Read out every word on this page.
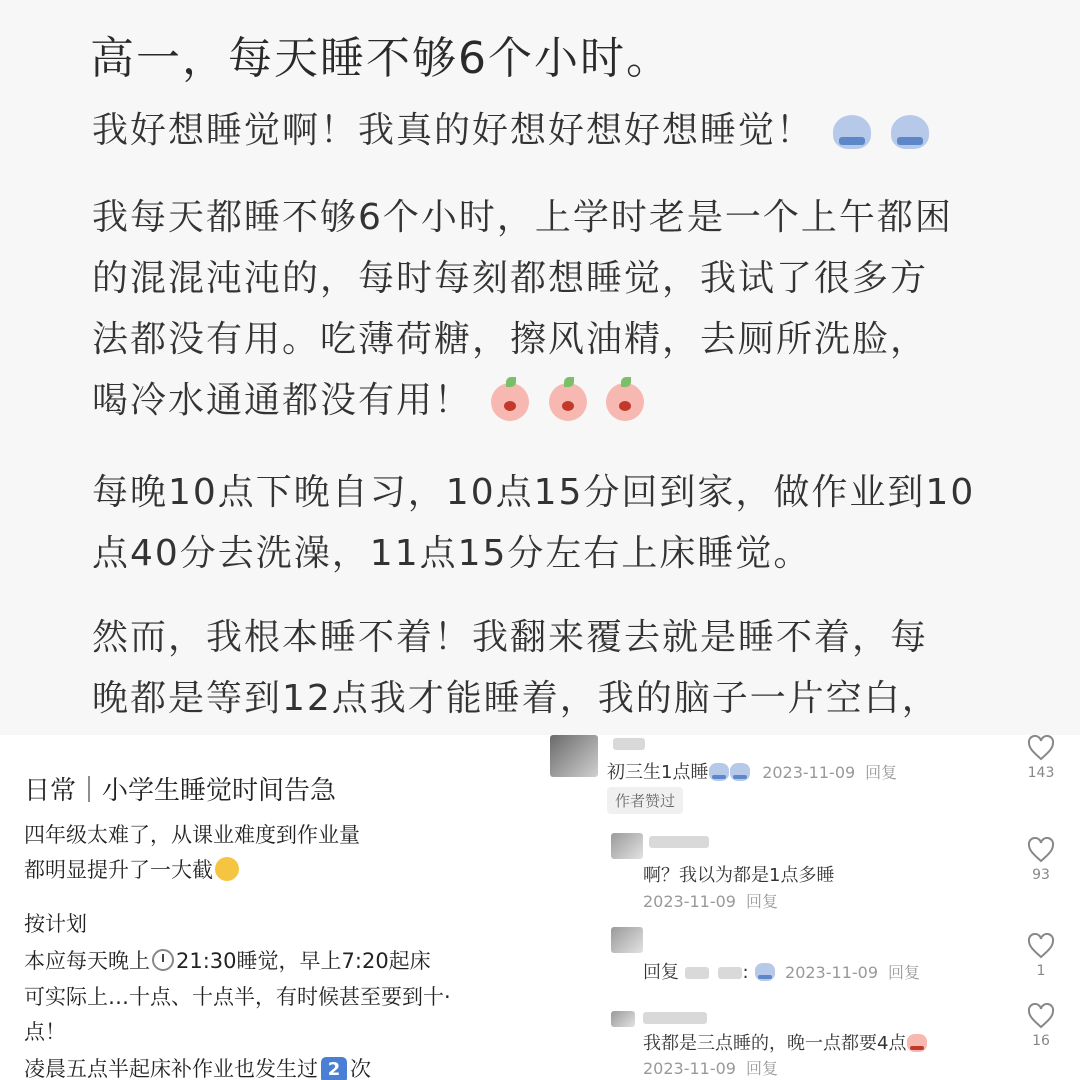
高一，每天睡不够6个小时。
我好想睡觉啊！我真的好想好想好想睡觉！
我每天都睡不够6个小时，上学时老是一个上午都困
的混混沌沌的，每时每刻都想睡觉，我试了很多方
法都没有用。吃薄荷糖，擦风油精，去厕所洗脸，
喝冷水通通都没有用！
每晚10点下晚自习，10点15分回到家，做作业到10
点40分去洗澡，11点15分左右上床睡觉。
然而，我根本睡不着！我翻来覆去就是睡不着，每
晚都是等到12点我才能睡着，我的脑子一片空白，
日常｜小学生睡觉时间告急
四年级太难了，从课业难度到作业量
都明显提升了一大截
按计划
本应每天晚上 21:30睡觉，早上7:20起床
可实际上…十点、十点半，有时候甚至要到十·
点！
凌晨五点半起床补作业也发生过 2 次
初三生1点睡	2023-11-09 回复
作者赞过
143
啊？我以为都是1点多睡
2023-11-09 回复
93
回复	: 2023-11-09 回复	1
我都是三点睡的，晚一点都要4点
2023-11-09 回复
16
